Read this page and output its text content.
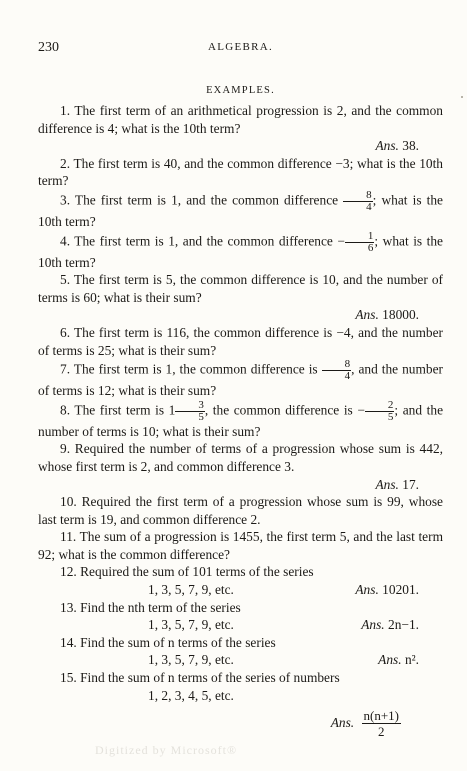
230	ALGEBRA.
EXAMPLES.

1. The first term of an arithmetical progression is 2, and the common difference is 4; what is the 10th term?

Ans. 38.

2. The first term is 40, and the common difference −3; what is the 10th term?

3. The first term is 1, and the common difference $\frac{8}{4}$ ; what is the 10th term?

4. The first term is 1, and the common difference − $\frac{1}{6}$ ; what is the 10th term?

5. The first term is 5, the common difference is 10, and the number of terms is 60; what is their sum?

Ans. 18000.

6. The first term is 116, the common difference is −4, and the number of terms is 25; what is their sum?

7. The first term is 1, the common difference is $\frac{8}{4}$ , and the number of terms is 12; what is their sum?

8. The first term is $1 \frac{3}{5}$ , the common difference is − $\frac{2}{5}$ ; and the number of terms is 10; what is their sum?

9. Required the number of terms of a progression whose sum is 442, whose first term is 2, and common difference 3.

Ans. 17.

10. Required the first term of a progression whose sum is 99, whose last term is 19, and common difference 2.

11. The sum of a progression is 1455, the first term 5, and the last term 92; what is the common difference?

12. Required the sum of 101 terms of the series

1, 3, 5, 7, 9, etc.	Ans. 10201.

13. Find the nth term of the series

1, 3, 5, 7, 9, etc.	Ans. 2n−1.

14. Find the sum of n terms of the series

1, 3, 5, 7, 9, etc.	Ans. n².

15. Find the sum of n terms of the series of numbers

1, 2, 3, 4, 5, etc.
Ans. $\frac{n(n+1)}{2}$
Digitized by Microsoft®
